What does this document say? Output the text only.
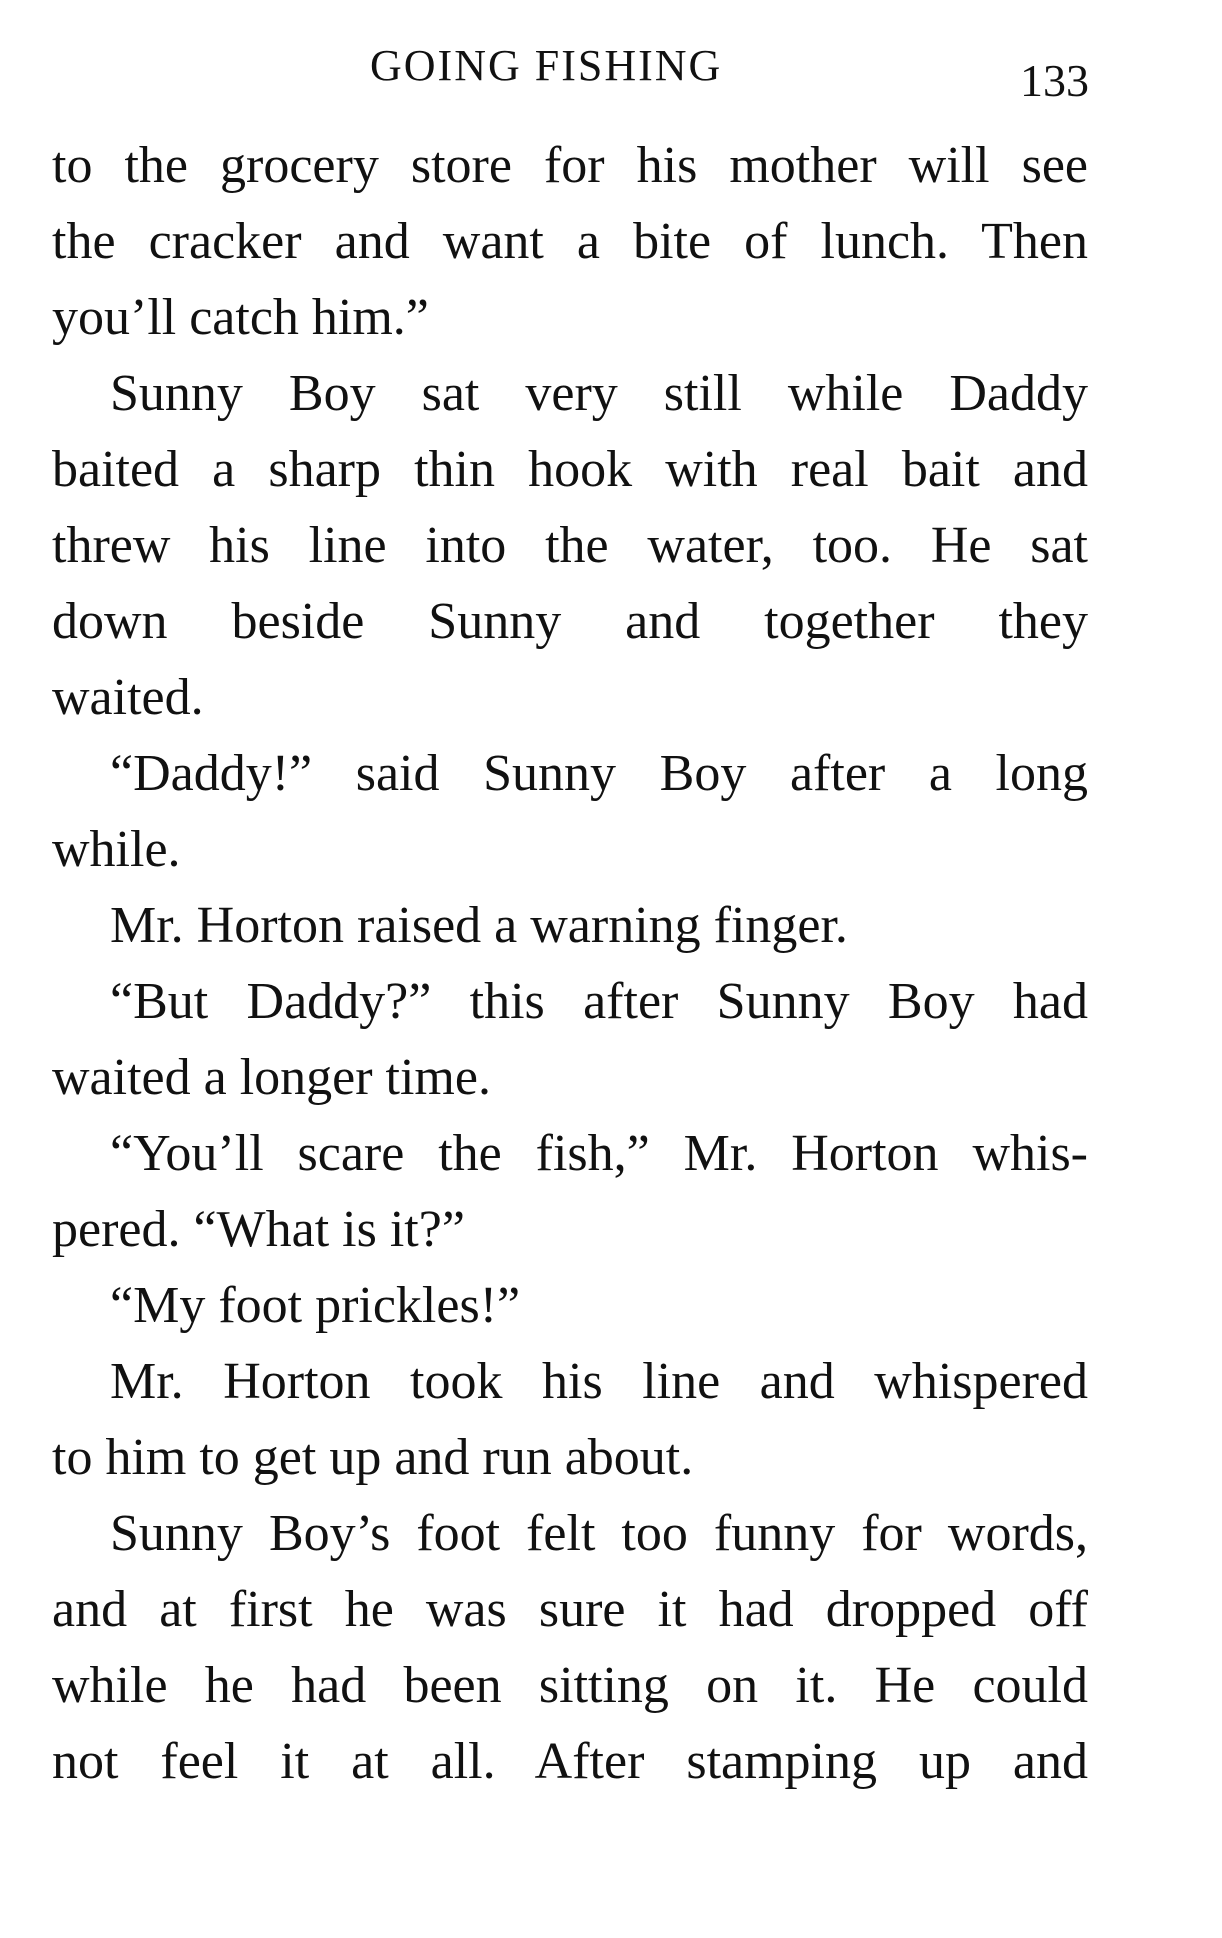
GOING FISHING	133
to the grocery store for his mother will see
the cracker and want a bite of lunch. Then
you’ll catch him.”
Sunny Boy sat very still while Daddy
baited a sharp thin hook with real bait and
threw his line into the water, too. He sat
down beside Sunny and together they
waited.
“Daddy!” said Sunny Boy after a long
while.
Mr. Horton raised a warning finger.
“But Daddy?” this after Sunny Boy had
waited a longer time.
“You’ll scare the fish,” Mr. Horton whis-
pered. “What is it?”
“My foot prickles!”
Mr. Horton took his line and whispered
to him to get up and run about.
Sunny Boy’s foot felt too funny for words,
and at first he was sure it had dropped off
while he had been sitting on it. He could
not feel it at all. After stamping up and
